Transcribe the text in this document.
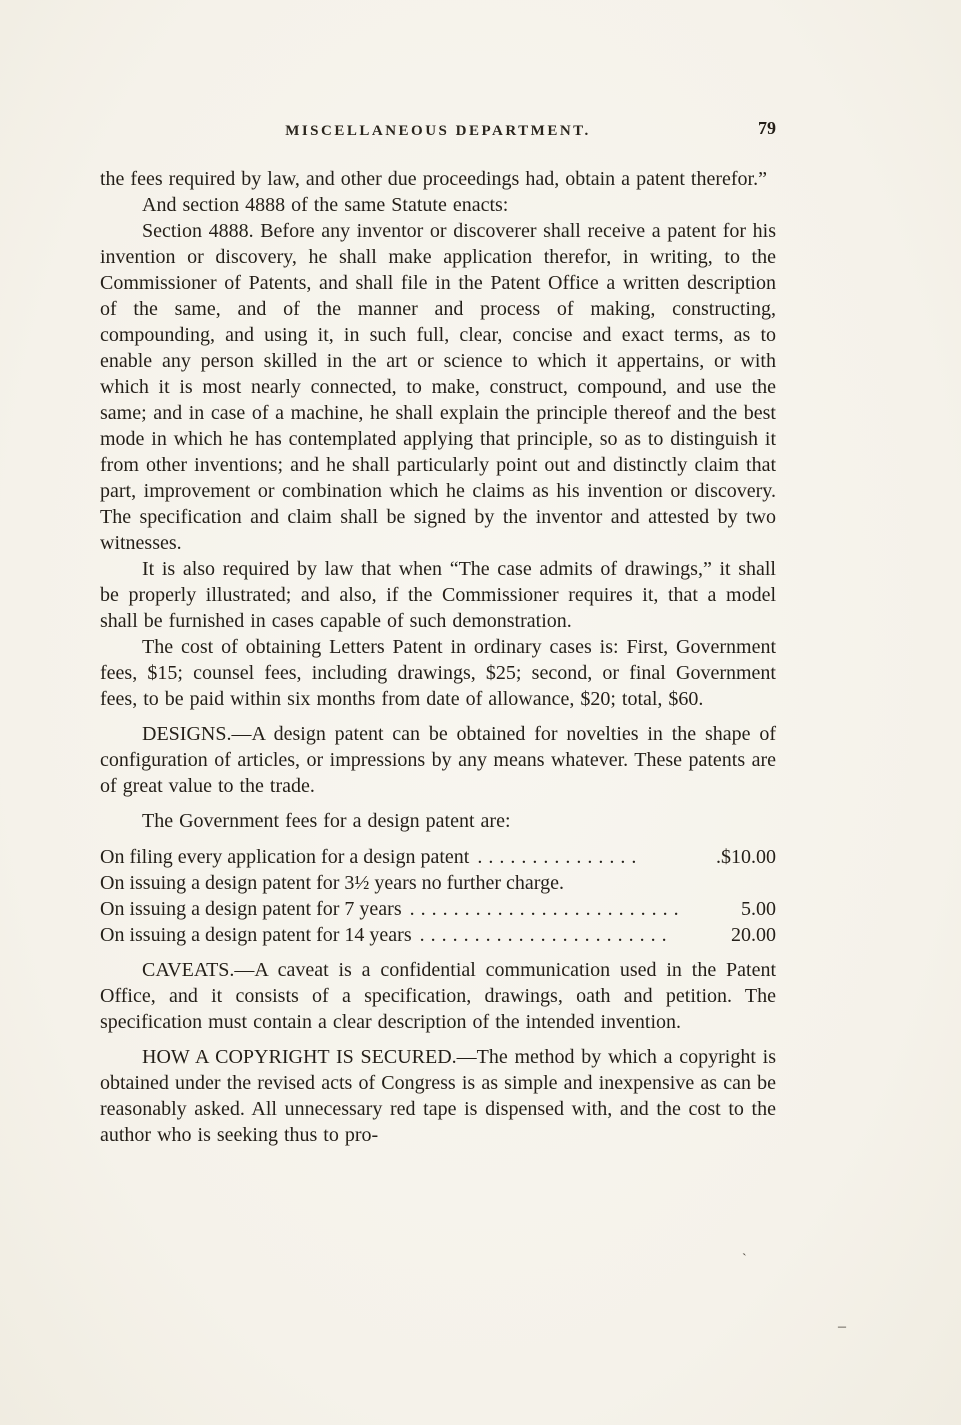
MISCELLANEOUS DEPARTMENT.	79

the fees required by law, and other due proceedings had, obtain a patent therefor.”

And section 4888 of the same Statute enacts:

Section 4888. Before any inventor or discoverer shall receive a patent for his invention or discovery, he shall make application therefor, in writing, to the Commissioner of Patents, and shall file in the Patent Office a written description of the same, and of the manner and process of making, constructing, compounding, and using it, in such full, clear, concise and exact terms, as to enable any person skilled in the art or science to which it appertains, or with which it is most nearly connected, to make, construct, compound, and use the same; and in case of a machine, he shall explain the principle thereof and the best mode in which he has contemplated applying that principle, so as to distinguish it from other inventions; and he shall particularly point out and distinctly claim that part, improvement or combination which he claims as his invention or discovery. The specification and claim shall be signed by the inventor and attested by two witnesses.

It is also required by law that when “The case admits of drawings,” it shall be properly illustrated; and also, if the Commissioner requires it, that a model shall be furnished in cases capable of such demonstration.

The cost of obtaining Letters Patent in ordinary cases is: First, Government fees, $15; counsel fees, including drawings, $25; second, or final Government fees, to be paid within six months from date of allowance, $20; total, $60.

DESIGNS.—A design patent can be obtained for novelties in the shape of configuration of articles, or impressions by any means whatever. These patents are of great value to the trade.

The Government fees for a design patent are:

On filing every application for a design patent ...............	.$10.00
On issuing a design patent for 3½ years no further charge.
On issuing a design patent for 7 years .........................	5.00
On issuing a design patent for 14 years .......................	20.00

CAVEATS.—A caveat is a confidential communication used in the Patent Office, and it consists of a specification, drawings, oath and petition. The specification must contain a clear description of the intended invention.

HOW A COPYRIGHT IS SECURED.—The method by which a copyright is obtained under the revised acts of Congress is as simple and inexpensive as can be reasonably asked. All unnecessary red tape is dispensed with, and the cost to the author who is seeking thus to pro-

ˋ
–
